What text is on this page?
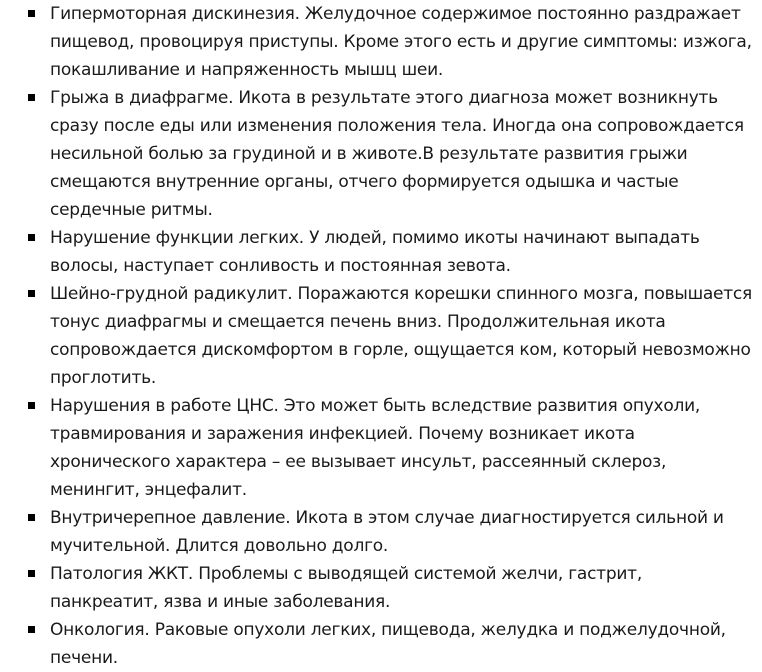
Гипермоторная дискинезия. Желудочное содержимое постоянно раздражает пищевод, провоцируя приступы. Кроме этого есть и другие симптомы: изжога, покашливание и напряженность мышц шеи.
Грыжа в диафрагме. Икота в результате этого диагноза может возникнуть сразу после еды или изменения положения тела. Иногда она сопровождается несильной болью за грудиной и в животе.В результате развития грыжи смещаются внутренние органы, отчего формируется одышка и частые сердечные ритмы.
Нарушение функции легких. У людей, помимо икоты начинают выпадать волосы, наступает сонливость и постоянная зевота.
Шейно-грудной радикулит. Поражаются корешки спинного мозга, повышается тонус диафрагмы и смещается печень вниз. Продолжительная икота сопровождается дискомфортом в горле, ощущается ком, который невозможно проглотить.
Нарушения в работе ЦНС. Это может быть вследствие развития опухоли, травмирования и заражения инфекцией. Почему возникает икота хронического характера – ее вызывает инсульт, рассеянный склероз, менингит, энцефалит.
Внутричерепное давление. Икота в этом случае диагностируется сильной и мучительной. Длится довольно долго.
Патология ЖКТ. Проблемы с выводящей системой желчи, гастрит, панкреатит, язва и иные заболевания.
Онкология. Раковые опухоли легких, пищевода, желудка и поджелудочной, печени.
